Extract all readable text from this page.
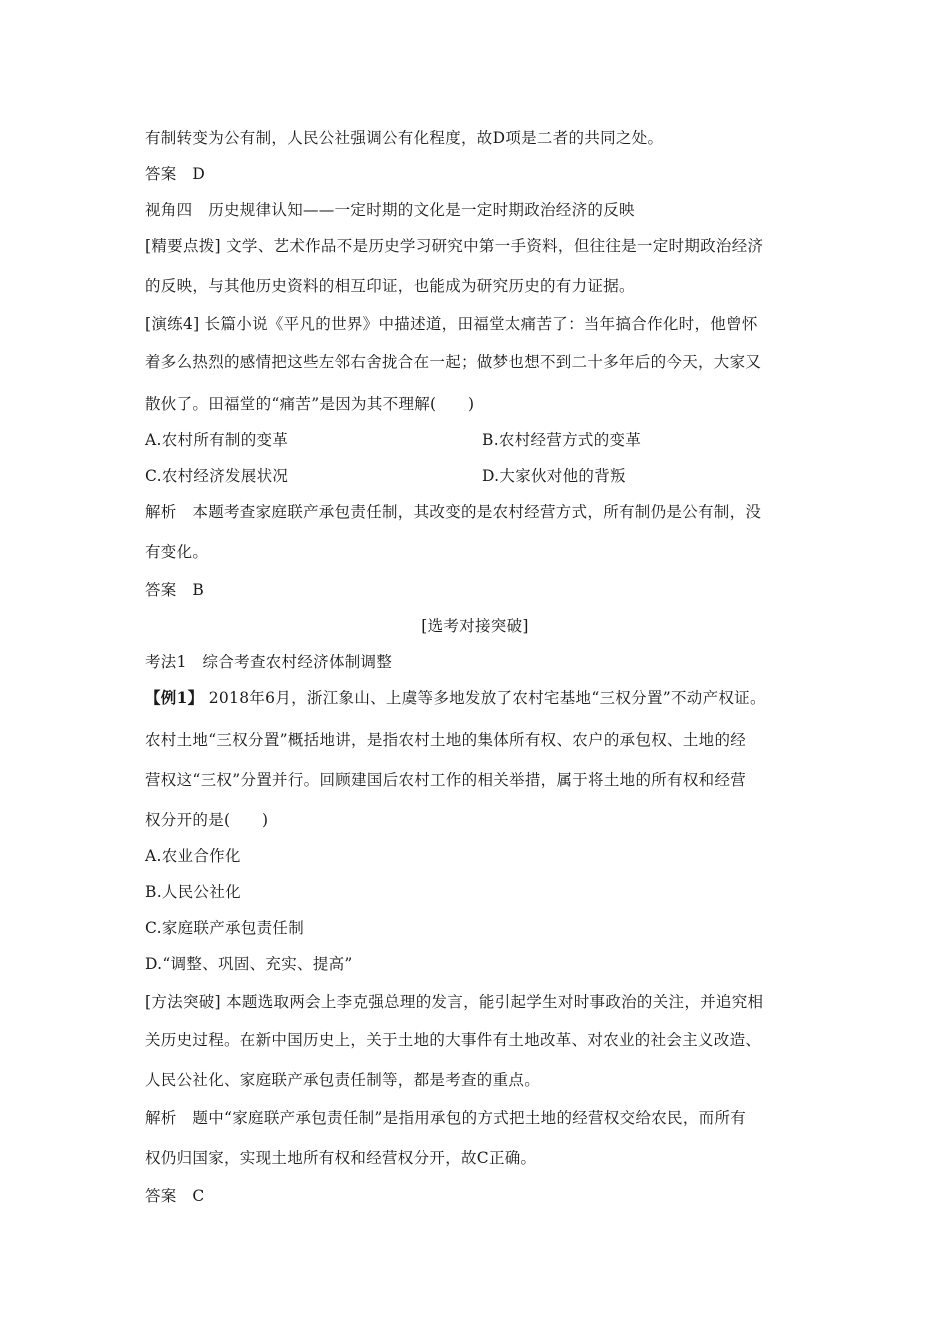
有制转变为公有制，人民公社强调公有化程度，故D项是二者的共同之处。
答案　D
视角四　历史规律认知——一定时期的文化是一定时期政治经济的反映
[精要点拨] 文学、艺术作品不是历史学习研究中第一手资料，但往往是一定时期政治经济
的反映，与其他历史资料的相互印证，也能成为研究历史的有力证据。
[演练4] 长篇小说《平凡的世界》中描述道，田福堂太痛苦了：当年搞合作化时，他曾怀
着多么热烈的感情把这些左邻右舍拢合在一起；做梦也想不到二十多年后的今天，大家又
散伙了。田福堂的“痛苦”是因为其不理解(　　)
A.农村所有制的变革	B.农村经营方式的变革
C.农村经济发展状况	D.大家伙对他的背叛
解析　本题考查家庭联产承包责任制，其改变的是农村经营方式，所有制仍是公有制，没
有变化。
答案　B
[选考对接突破]
考法1　综合考查农村经济体制调整
【例1】 2018年6月，浙江象山、上虞等多地发放了农村宅基地“三权分置”不动产权证。
农村土地“三权分置”概括地讲，是指农村土地的集体所有权、农户的承包权、土地的经
营权这“三权”分置并行。回顾建国后农村工作的相关举措，属于将土地的所有权和经营
权分开的是(　　)
A.农业合作化
B.人民公社化
C.家庭联产承包责任制
D.“调整、巩固、充实、提高”
[方法突破] 本题选取两会上李克强总理的发言，能引起学生对时事政治的关注，并追究相
关历史过程。在新中国历史上，关于土地的大事件有土地改革、对农业的社会主义改造、
人民公社化、家庭联产承包责任制等，都是考查的重点。
解析　题中“家庭联产承包责任制”是指用承包的方式把土地的经营权交给农民，而所有
权仍归国家，实现土地所有权和经营权分开，故C正确。
答案　C
